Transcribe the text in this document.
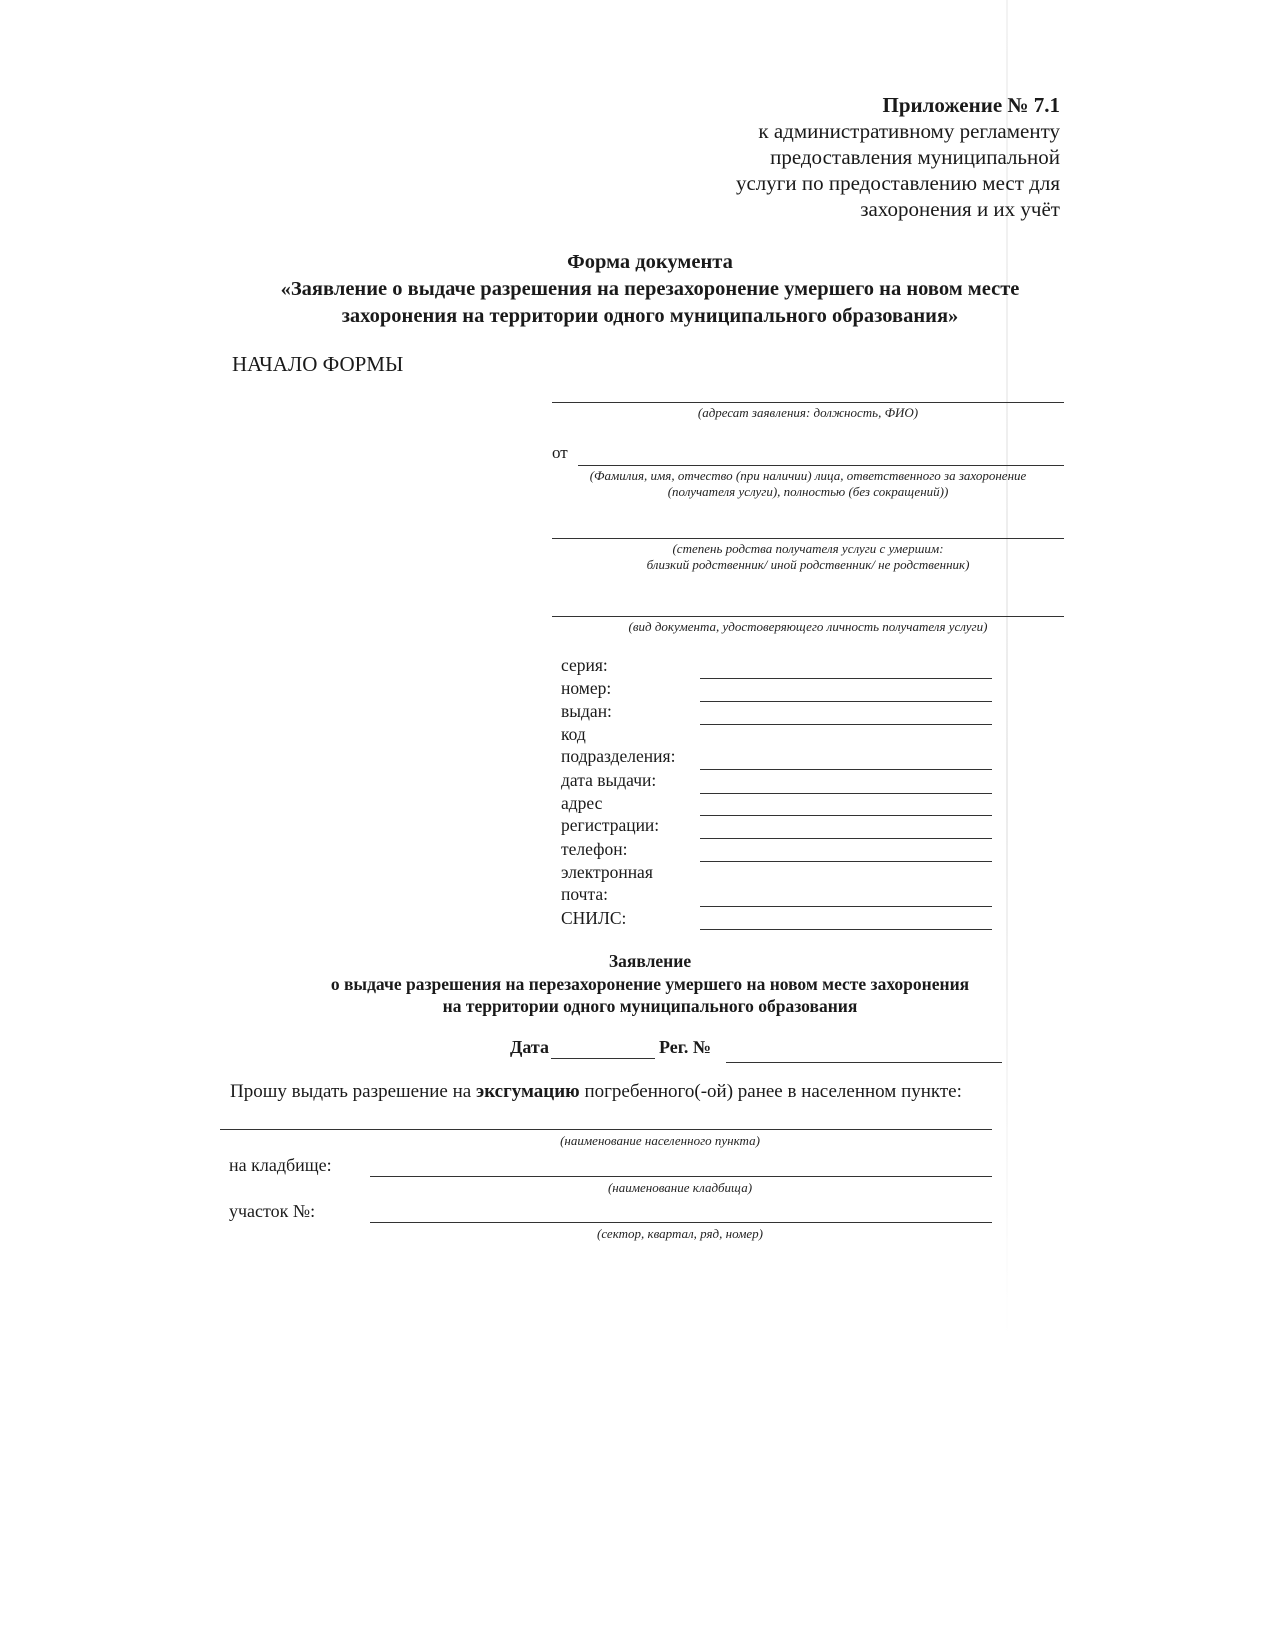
Приложение № 7.1
к административному регламенту
предоставления муниципальной
услуги по предоставлению мест для
захоронения и их учёт
Форма документа
«Заявление о выдаче разрешения на перезахоронение умершего на новом месте
захоронения на территории одного муниципального образования»
НАЧАЛО ФОРМЫ
(адресат заявления: должность, ФИО)
от
(Фамилия, имя, отчество (при наличии) лица, ответственного за захоронение
(получателя услуги), полностью (без сокращений))
(степень родства получателя услуги с умершим:
близкий родственник/ иной родственник/ не родственник)
(вид документа, удостоверяющего личность получателя услуги)
серия:
номер:
выдан:
код
подразделения:
дата выдачи:
адрес
регистрации:
телефон:
электронная
почта:
СНИЛС:
Заявление
о выдаче разрешения на перезахоронение умершего на новом месте захоронения
на территории одного муниципального образования
Дата	Рег. №
Прошу выдать разрешение на эксгумацию погребенного(-ой) ранее в населенном пункте:
(наименование населенного пункта)
на кладбище:
(наименование кладбища)
участок №:
(сектор, квартал, ряд, номер)
